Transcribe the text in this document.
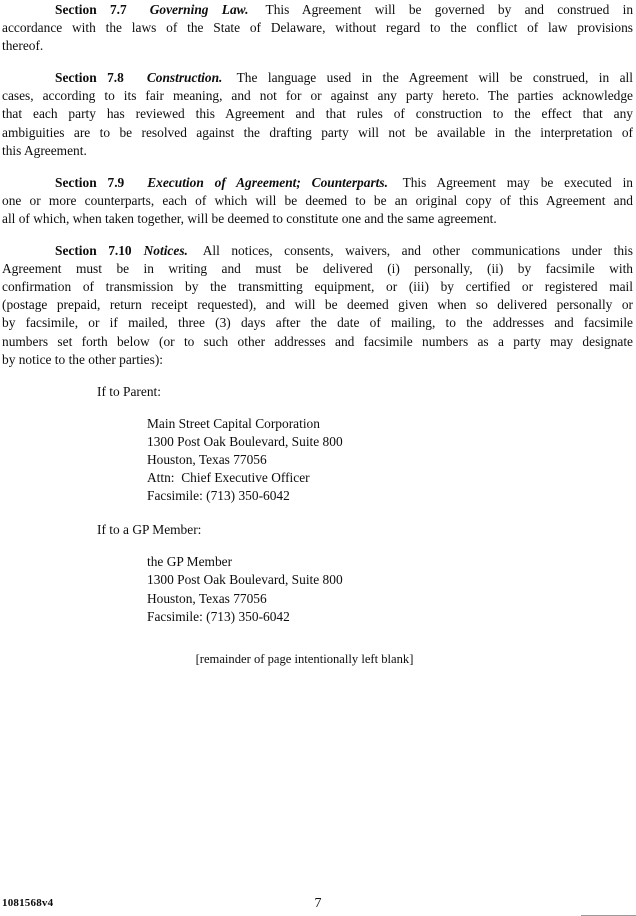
Section 7.7 Governing Law. This Agreement will be governed by and construed in
accordance with the laws of the State of Delaware, without regard to the conflict of law provisions
thereof.
Section 7.8 Construction. The language used in the Agreement will be construed, in all
cases, according to its fair meaning, and not for or against any party hereto. The parties acknowledge
that each party has reviewed this Agreement and that rules of construction to the effect that any
ambiguities are to be resolved against the drafting party will not be available in the interpretation of
this Agreement.
Section 7.9 Execution of Agreement; Counterparts. This Agreement may be executed in
one or more counterparts, each of which will be deemed to be an original copy of this Agreement and
all of which, when taken together, will be deemed to constitute one and the same agreement.
Section 7.10 Notices. All notices, consents, waivers, and other communications under this
Agreement must be in writing and must be delivered (i) personally, (ii) by facsimile with
confirmation of transmission by the transmitting equipment, or (iii) by certified or registered mail
(postage prepaid, return receipt requested), and will be deemed given when so delivered personally or
by facsimile, or if mailed, three (3) days after the date of mailing, to the addresses and facsimile
numbers set forth below (or to such other addresses and facsimile numbers as a party may designate
by notice to the other parties):
If to Parent:
Main Street Capital Corporation
1300 Post Oak Boulevard, Suite 800
Houston, Texas 77056
Attn:  Chief Executive Officer
Facsimile: (713) 350-6042
If to a GP Member:
the GP Member
1300 Post Oak Boulevard, Suite 800
Houston, Texas 77056
Facsimile: (713) 350-6042
[remainder of page intentionally left blank]
1081568v4	7
